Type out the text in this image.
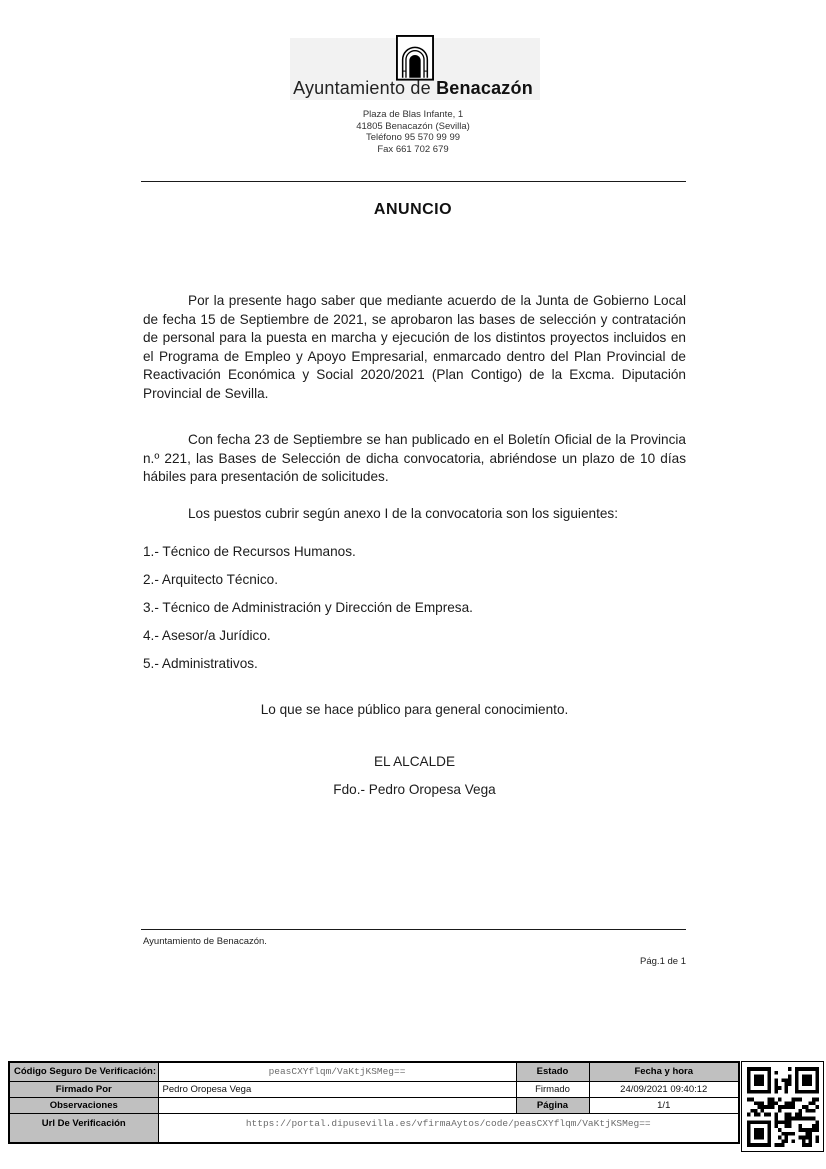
Ayuntamiento de Benacazón
Plaza de Blas Infante, 1
41805 Benacazón (Sevilla)
Teléfono 95 570 99 99
Fax 661 702 679
ANUNCIO
Por la presente hago saber que mediante acuerdo de la Junta de Gobierno Local de fecha 15 de Septiembre de 2021, se aprobaron las bases de selección y contratación de personal para la puesta en marcha y ejecución de los distintos proyectos incluidos en el Programa de Empleo y Apoyo Empresarial, enmarcado dentro del Plan Provincial de Reactivación Económica y Social 2020/2021 (Plan Contigo) de la Excma. Diputación Provincial de Sevilla.
Con fecha 23 de Septiembre se han publicado en el Boletín Oficial de la Provincia n.º 221, las Bases de Selección de dicha convocatoria, abriéndose un plazo de 10 días hábiles para presentación de solicitudes.
Los puestos cubrir según anexo I de la convocatoria son los siguientes:
1.- Técnico de Recursos Humanos.
2.- Arquitecto Técnico.
3.- Técnico de Administración y Dirección de Empresa.
4.- Asesor/a Jurídico.
5.- Administrativos.
Lo que se hace público para general conocimiento.
EL ALCALDE
Fdo.- Pedro Oropesa Vega
Ayuntamiento de Benacazón.
Pág.1 de 1
Código Seguro De Verificación:	peasCXYflqm/VaKtjKSMeg==	Estado	Fecha y hora
Firmado Por	Pedro Oropesa Vega	Firmado	24/09/2021 09:40:12
Observaciones		Página	1/1
Url De Verificación	https://portal.dipusevilla.es/vfirmaAytos/code/peasCXYflqm/VaKtjKSMeg==		
